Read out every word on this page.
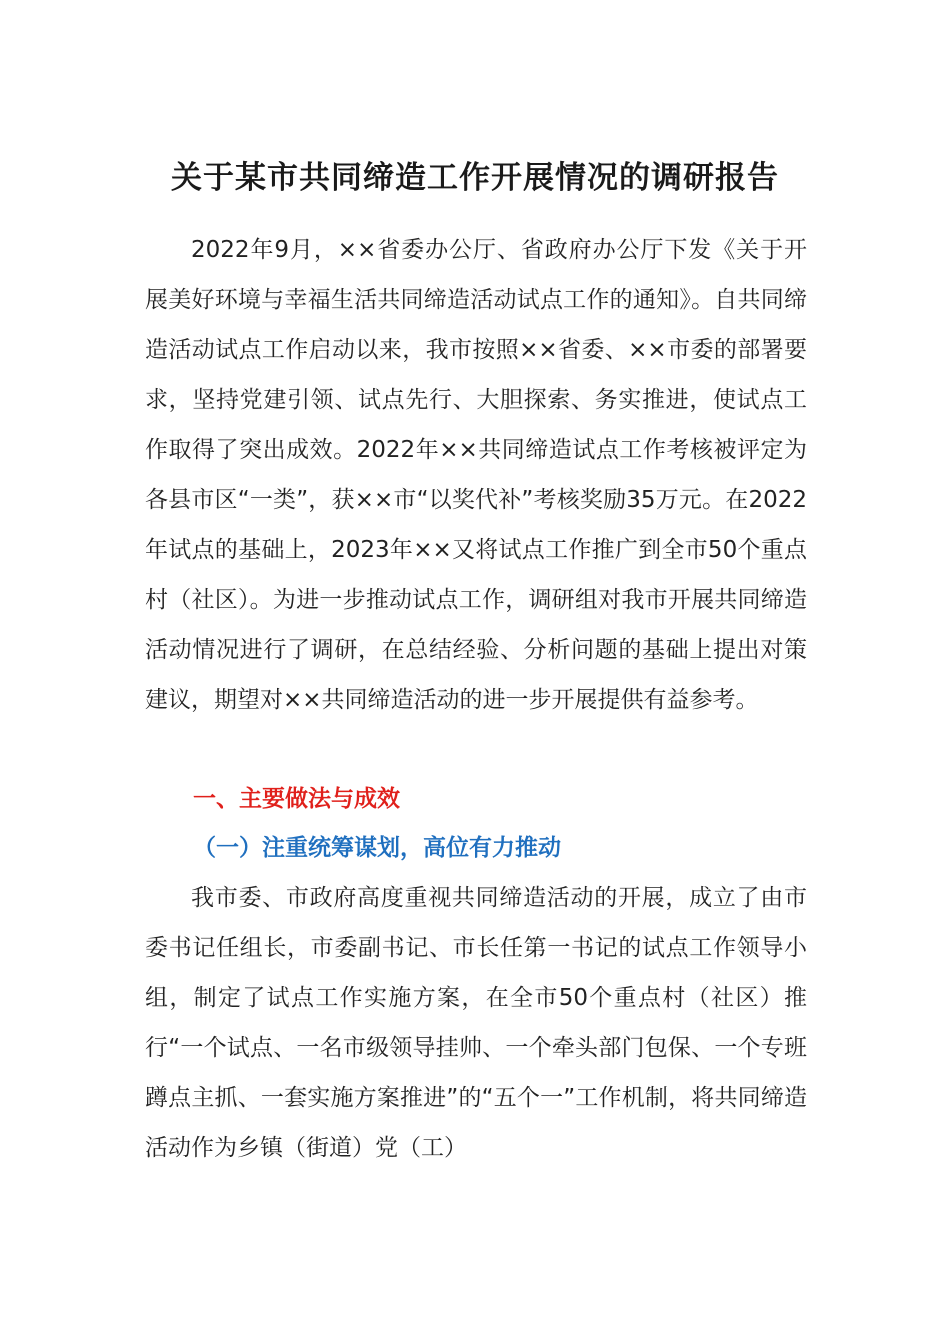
关于某市共同缔造工作开展情况的调研报告

2022年9月，××省委办公厅、省政府办公厅下发《关于开展美好环境与幸福生活共同缔造活动试点工作的通知》。自共同缔造活动试点工作启动以来，我市按照××省委、××市委的部署要求，坚持党建引领、试点先行、大胆探索、务实推进，使试点工作取得了突出成效。2022年××共同缔造试点工作考核被评定为各县市区“一类”，获××市“以奖代补”考核奖励35万元。在2022年试点的基础上，2023年××又将试点工作推广到全市50个重点村（社区）。为进一步推动试点工作，调研组对我市开展共同缔造活动情况进行了调研，在总结经验、分析问题的基础上提出对策建议，期望对××共同缔造活动的进一步开展提供有益参考。

一、主要做法与成效
（一）注重统筹谋划，高位有力推动

我市委、市政府高度重视共同缔造活动的开展，成立了由市委书记任组长，市委副书记、市长任第一书记的试点工作领导小组，制定了试点工作实施方案，在全市50个重点村（社区）推行“一个试点、一名市级领导挂帅、一个牵头部门包保、一个专班蹲点主抓、一套实施方案推进”的“五个一”工作机制，将共同缔造活动作为乡镇（街道）党（工）
